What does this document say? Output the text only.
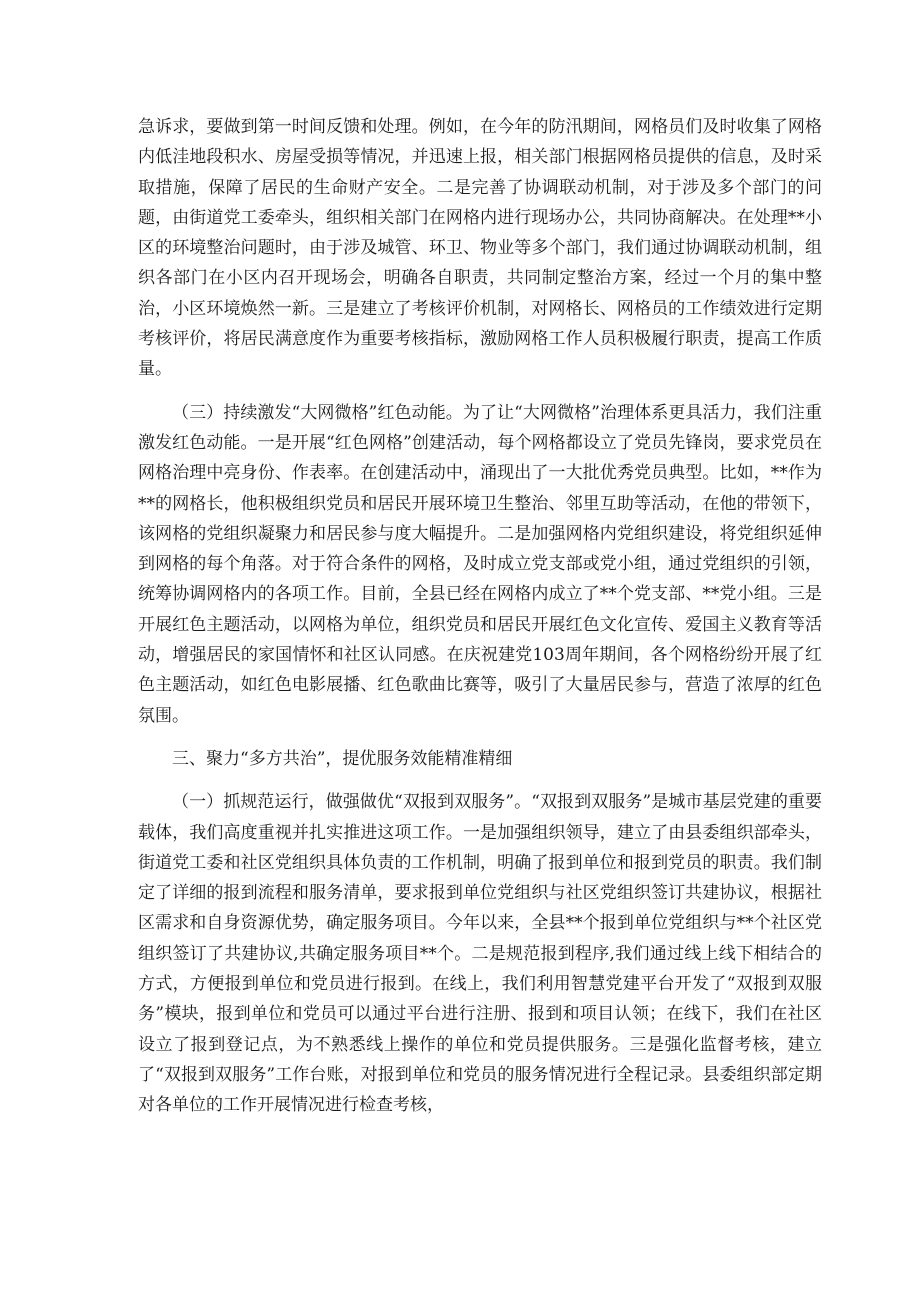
急诉求，要做到第一时间反馈和处理。例如，在今年的防汛期间，网格员们及时收集了网格内低洼地段积水、房屋受损等情况，并迅速上报，相关部门根据网格员提供的信息，及时采取措施，保障了居民的生命财产安全。二是完善了协调联动机制，对于涉及多个部门的问题，由街道党工委牵头，组织相关部门在网格内进行现场办公，共同协商解决。在处理**小区的环境整治问题时，由于涉及城管、环卫、物业等多个部门，我们通过协调联动机制，组织各部门在小区内召开现场会，明确各自职责，共同制定整治方案，经过一个月的集中整治，小区环境焕然一新。三是建立了考核评价机制，对网格长、网格员的工作绩效进行定期考核评价，将居民满意度作为重要考核指标，激励网格工作人员积极履行职责，提高工作质量。

（三）持续激发“大网微格”红色动能。为了让“大网微格”治理体系更具活力，我们注重激发红色动能。一是开展“红色网格”创建活动，每个网格都设立了党员先锋岗，要求党员在网格治理中亮身份、作表率。在创建活动中，涌现出了一大批优秀党员典型。比如，**作为**的网格长，他积极组织党员和居民开展环境卫生整治、邻里互助等活动，在他的带领下，该网格的党组织凝聚力和居民参与度大幅提升。二是加强网格内党组织建设，将党组织延伸到网格的每个角落。对于符合条件的网格，及时成立党支部或党小组，通过党组织的引领，统筹协调网格内的各项工作。目前，全县已经在网格内成立了**个党支部、**党小组。三是开展红色主题活动，以网格为单位，组织党员和居民开展红色文化宣传、爱国主义教育等活动，增强居民的家国情怀和社区认同感。在庆祝建党103周年期间，各个网格纷纷开展了红色主题活动，如红色电影展播、红色歌曲比赛等，吸引了大量居民参与，营造了浓厚的红色氛围。

三、聚力“多方共治”，提优服务效能精准精细

（一）抓规范运行，做强做优“双报到双服务”。“双报到双服务”是城市基层党建的重要载体，我们高度重视并扎实推进这项工作。一是加强组织领导，建立了由县委组织部牵头，街道党工委和社区党组织具体负责的工作机制，明确了报到单位和报到党员的职责。我们制定了详细的报到流程和服务清单，要求报到单位党组织与社区党组织签订共建协议，根据社区需求和自身资源优势，确定服务项目。今年以来，全县**个报到单位党组织与**个社区党组织签订了共建协议,共确定服务项目**个。二是规范报到程序,我们通过线上线下相结合的方式，方便报到单位和党员进行报到。在线上，我们利用智慧党建平台开发了“双报到双服务”模块，报到单位和党员可以通过平台进行注册、报到和项目认领；在线下，我们在社区设立了报到登记点，为不熟悉线上操作的单位和党员提供服务。三是强化监督考核，建立了“双报到双服务”工作台账，对报到单位和党员的服务情况进行全程记录。县委组织部定期对各单位的工作开展情况进行检查考核，
